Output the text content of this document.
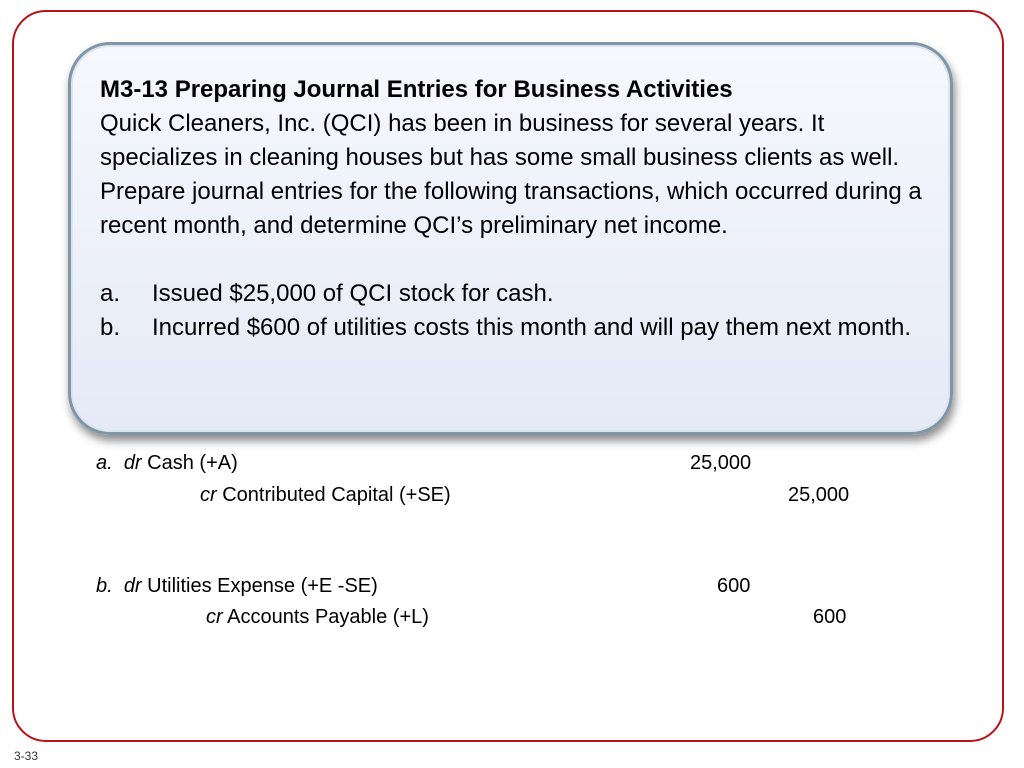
M3-13 Preparing Journal Entries for Business Activities

Quick Cleaners, Inc. (QCI) has been in business for several years. It specializes in cleaning houses but has some small business clients as well. Prepare journal entries for the following transactions, which occurred during a recent month, and determine QCI’s preliminary net income.

a. Issued $25,000 of QCI stock for cash.
b. Incurred $600 of utilities costs this month and will pay them next month.
a. dr Cash (+A)	25,000
cr Contributed Capital (+SE)	25,000
b. dr Utilities Expense (+E -SE)	600
cr Accounts Payable (+L)	600
3-33
